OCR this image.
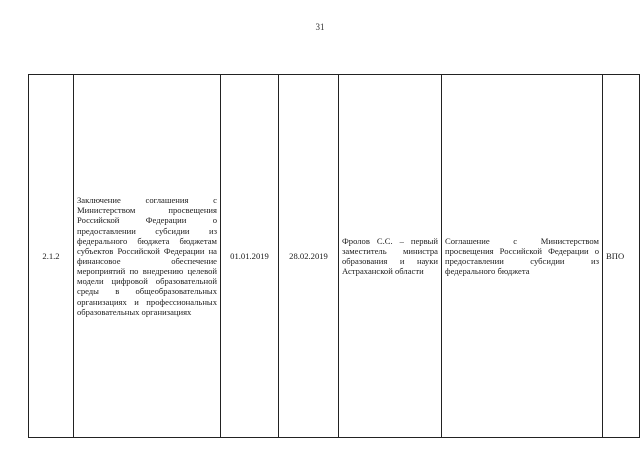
31
2.1.2	Заключение соглашения с Министерством просвещения Российской Федерации о предоставлении субсидии из федерального бюджета бюджетам субъектов Российской Федерации на финансовое обеспечение мероприятий по внедрению целевой модели цифровой образовательной среды в общеобразовательных организациях и профессиональных образовательных организациях	01.01.2019	28.02.2019	Фролов С.С. – первый заместитель министра образования и науки Астраханской области	Соглашение с Министерством просвещения Российской Федерации о предоставлении субсидии из федерального бюджета	ВПО
